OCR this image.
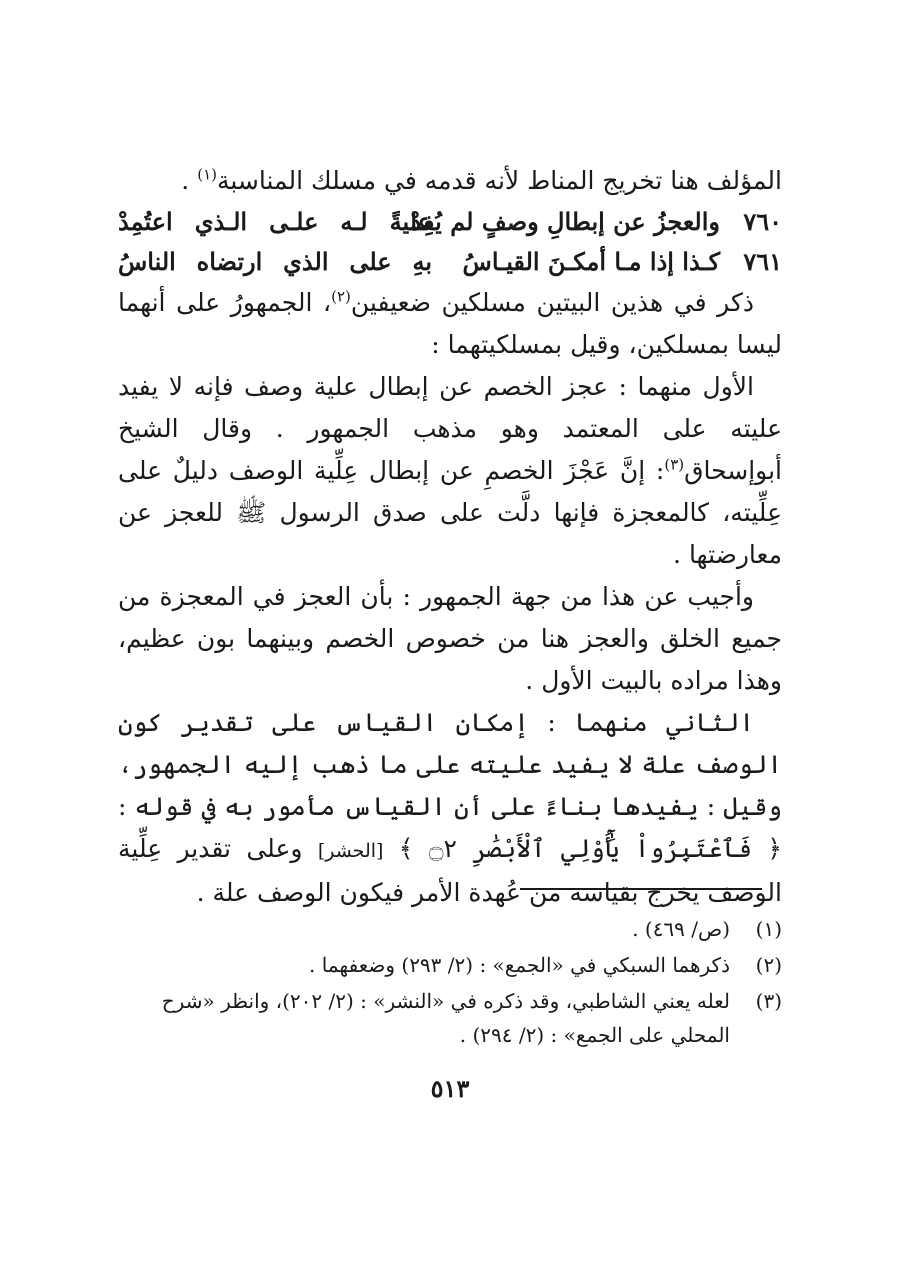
المؤلف هنا تخريج المناط لأنه قدمه في مسلك المناسبة$^{(١)}$ .

٧٦٠
والعجزُ عن إبطالِ وصفٍ لم يُفِدْ
عليةً لـه علـى الـذي اعتُمِدْ
٧٦١
كـذا إذا مـا أمكـنَ القيـاسُ
بهِ على الذي ارتضاه الناسُ

ذكر في هذين البيتين مسلكين ضعيفين$^{(٢)}$، الجمهورُ على أنهما ليسا بمسلكين، وقيل بمسلكيتهما :

الأول منهما : عجز الخصم عن إبطال علية وصف فإنه لا يفيد عليته على المعتمد وهو مذهب الجمهور . وقال الشيخ أبوإسحاق$^{(٣)}$: إنَّ عَجْزَ الخصمِ عن إبطال عِلِّية الوصف دليلٌ على عِلِّيته، كالمعجزة فإنها دلَّت على صدق الرسول ﷺ للعجز عن معارضتها .

وأجيب عن هذا من جهة الجمهور : بأن العجز في المعجزة من جميع الخلق والعجز هنا من خصوص الخصم وبينهما بون عظيم، وهذا مراده بالبيت الأول .

الثاني منهما : إمكان القياس على تقدير كون الوصف علة لا يفيد عليته على ما ذهب إليه الجمهور، وقيل : يفيدها بناءً على أن القياس مأمور به في قوله : ﴿ فَٱعْتَبِرُواْ يَٰٓأُوْلِي ٱلْأَبْصَٰرِ ۝٢ ﴾ [الحشر] وعلى تقدير عِلِّية الوصف يخرج بقياسه من عُهدة الأمر فيكون الوصف علة .

(١)
(ص/ ٤٦٩) .
(٢)
ذكرهما السبكي في «الجمع» : (٢/ ٢٩٣) وضعفهما .
(٣)
لعله يعني الشاطبي، وقد ذكره في «النشر» : (٢/ ٢٠٢)، وانظر «شرح المحلي على الجمع» : (٢/ ٢٩٤) .
٥١٣
